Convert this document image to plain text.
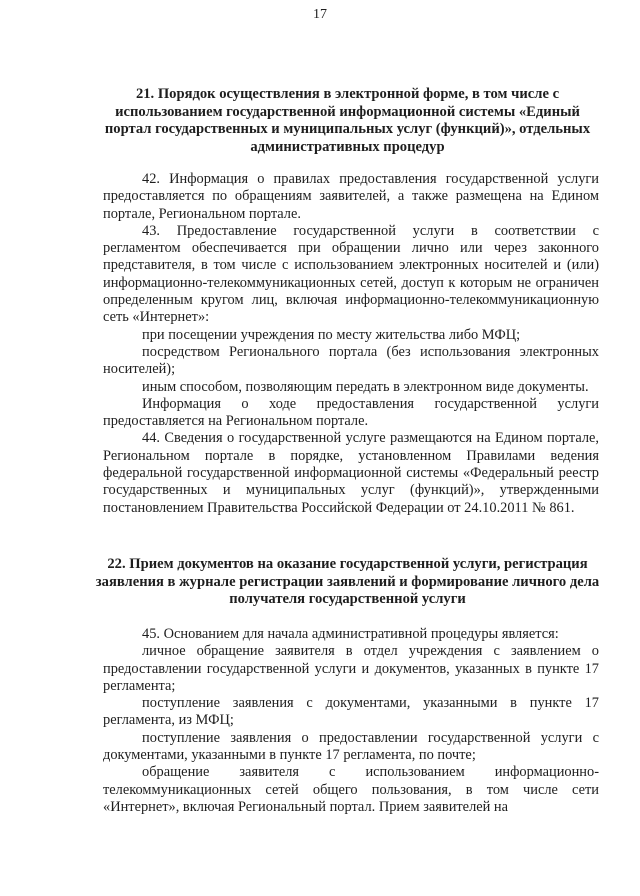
17
21. Порядок осуществления в электронной форме, в том числе с использованием государственной информационной системы «Единый портал государственных и муниципальных услуг (функций)», отдельных административных процедур

42. Информация о правилах предоставления государственной услуги предоставляется по обращениям заявителей, а также размещена на Едином портале, Региональном портале.

43. Предоставление государственной услуги в соответствии с регламентом обеспечивается при обращении лично или через законного представителя, в том числе с использованием электронных носителей и (или) информационно-телекоммуникационных сетей, доступ к которым не ограничен определенным кругом лиц, включая информационно-телекоммуникационную сеть «Интернет»:

при посещении учреждения по месту жительства либо МФЦ;

посредством Регионального портала (без использования электронных носителей);

иным способом, позволяющим передать в электронном виде документы.

Информация о ходе предоставления государственной услуги предоставляется на Региональном портале.

44. Сведения о государственной услуге размещаются на Едином портале, Региональном портале в порядке, установленном Правилами ведения федеральной государственной информационной системы «Федеральный реестр государственных и муниципальных услуг (функций)», утвержденными постановлением Правительства Российской Федерации от 24.10.2011 № 861.

22. Прием документов на оказание государственной услуги, регистрация заявления в журнале регистрации заявлений и формирование личного дела получателя государственной услуги

45. Основанием для начала административной процедуры является:

личное обращение заявителя в отдел учреждения с заявлением о предоставлении государственной услуги и документов, указанных в пункте 17 регламента;

поступление заявления с документами, указанными в пункте 17 регламента, из МФЦ;

поступление заявления о предоставлении государственной услуги с документами, указанными в пункте 17 регламента, по почте;

обращение заявителя с использованием информационно-телекоммуникационных сетей общего пользования, в том числе сети «Интернет», включая Региональный портал. Прием заявителей на
